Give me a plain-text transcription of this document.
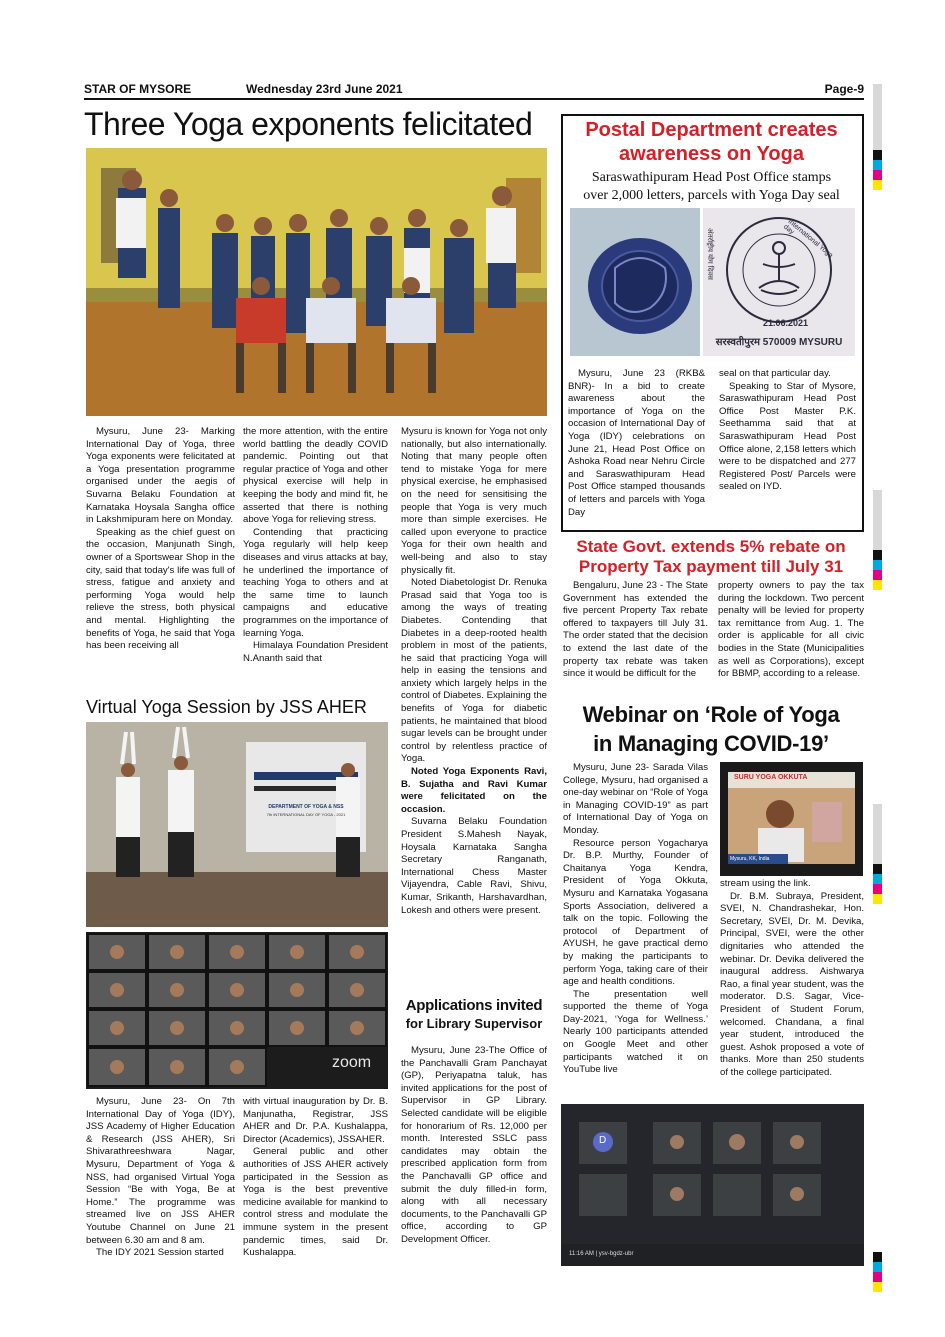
STAR OF MYSORE	Wednesday 23rd June 2021	Page-9
Three Yoga exponents felicitated

Mysuru, June 23- Marking International Day of Yoga, three Yoga exponents were felicitated at a Yoga presentation programme organised under the aegis of Suvarna Belaku Foundation at Karnataka Hoysala Sangha office in Lakshmipuram here on Monday.

Speaking as the chief guest on the occasion, Manjunath Singh, owner of a Sportswear Shop in the city, said that today's life was full of stress, fatigue and anxiety and performing Yoga would help relieve the stress, both physical and mental. Highlighting the benefits of Yoga, he said that Yoga has been receiving all

the more attention, with the entire world battling the deadly COVID pandemic. Pointing out that regular practice of Yoga and other physical exercise will help in keeping the body and mind fit, he asserted that there is nothing above Yoga for relieving stress.

Contending that practicing Yoga regularly will help keep diseases and virus attacks at bay, he underlined the importance of teaching Yoga to others and at the same time to launch campaigns and educative programmes on the importance of learning Yoga.

Himalaya Foundation President N.Ananth said that

Mysuru is known for Yoga not only nationally, but also internationally. Noting that many people often tend to mistake Yoga for mere physical exercise, he emphasised on the need for sensitising the people that Yoga is very much more than simple exercises. He called upon everyone to practice Yoga for their own health and well-being and also to stay physically fit.

Noted Diabetologist Dr. Renuka Prasad said that Yoga too is among the ways of treating Diabetes. Contending that Diabetes in a deep-rooted health problem in most of the patients, he said that practicing Yoga will help in easing the tensions and anxiety which largely helps in the control of Diabetes. Explaining the benefits of Yoga for diabetic patients, he maintained that blood sugar levels can be brought under control by relentless practice of Yoga.

Noted Yoga Exponents Ravi, B. Sujatha and Ravi Kumar were felicitated on the occasion.

Suvarna Belaku Foundation President S.Mahesh Nayak, Hoysala Karnataka Sangha Secretary Ranganath, International Chess Master Vijayendra, Cable Ravi, Shivu, Kumar, Srikanth, Harshavardhan, Lokesh and others were present.

Virtual Yoga Session by JSS AHER
DEPARTMENT OF YOGA & NSS
7th INTERNATIONAL DAY OF YOGA - 2021
zoom

Mysuru, June 23- On 7th International Day of Yoga (IDY), JSS Academy of Higher Education & Research (JSS AHER), Sri Shivarathreeshwara Nagar, Mysuru, Department of Yoga & NSS, had organised Virtual Yoga Session “Be with Yoga, Be at Home.” The programme was streamed live on JSS AHER Youtube Channel on June 21 between 6.30 am and 8 am.

The IDY 2021 Session started

with virtual inauguration by Dr. B. Manjunatha, Registrar, JSS AHER and Dr. P.A. Kushalappa, Director (Academics), JSSAHER.

General public and other authorities of JSS AHER actively participated in the Session as Yoga is the best preventive medicine available for mankind to control stress and modulate the immune system in the present pandemic times, said Dr. Kushalappa.

Applications invited
for Library Supervisor

Mysuru, June 23-The Office of the Panchavalli Gram Panchayat (GP), Periyapatna taluk, has invited applications for the post of Supervisor in GP Library. Selected candidate will be eligible for honorarium of Rs. 12,000 per month. Interested SSLC pass candidates may obtain the prescribed application form from the Panchavalli GP office and submit the duly filled-in form, along with all necessary documents, to the Panchavalli GP office, according to GP Development Officer.

Postal Department creates
awareness on Yoga
Saraswathipuram Head Post Office stamps
over 2,000 letters, parcels with Yoga Day seal
International Yoga day
अंतर्राष्ट्रीय योग दिवस
21.06.2021
सरस्वतीपुरम 570009 MYSURU

Mysuru, June 23 (RKB& BNR)- In a bid to create awareness about the importance of Yoga on the occasion of International Day of Yoga (IDY) celebrations on June 21, Head Post Office on Ashoka Road near Nehru Circle and Saraswathipuram Head Post Office stamped thousands of letters and parcels with Yoga Day

seal on that particular day.

Speaking to Star of Mysore, Saraswathipuram Head Post Office Post Master P.K. Seethamma said that at Saraswathipuram Head Post Office alone, 2,158 letters which were to be dispatched and 277 Registered Post/ Parcels were sealed on IYD.

State Govt. extends 5% rebate on
Property Tax payment till July 31

Bengaluru, June 23 - The State Government has extended the five percent Property Tax rebate offered to taxpayers till July 31. The order stated that the decision to extend the last date of the property tax rebate was taken since it would be difficult for the

property owners to pay the tax during the lockdown. Two percent penalty will be levied for property tax remittance from Aug. 1. The order is applicable for all civic bodies in the State (Municipalities as well as Corporations), except for BBMP, according to a release.

Webinar on ‘Role of Yoga
in Managing COVID-19’
SURU YOGA OKKUTA
Mysuru, KK, India

Mysuru, June 23- Sarada Vilas College, Mysuru, had organised a one-day webinar on “Role of Yoga in Managing COVID-19” as part of International Day of Yoga on Monday.

Resource person Yogacharya Dr. B.P. Murthy, Founder of Chaitanya Yoga Kendra, President of Yoga Okkuta, Mysuru and Karnataka Yogasana Sports Association, delivered a talk on the topic. Following the protocol of Department of AYUSH, he gave practical demo by making the participants to perform Yoga, taking care of their age and health conditions.

The presentation well supported the theme of Yoga Day-2021, ‘Yoga for Wellness.’ Nearly 100 participants attended on Google Meet and other participants watched it on YouTube live

stream using the link.

Dr. B.M. Subraya, President, SVEI, N. Chandrashekar, Hon. Secretary, SVEI, Dr. M. Devika, Principal, SVEI, were the other dignitaries who attended the webinar. Dr. Devika delivered the inaugural address. Aishwarya Rao, a final year student, was the moderator. D.S. Sagar, Vice-President of Student Forum, welcomed. Chandana, a final year student, introduced the guest. Ashok proposed a vote of thanks. More than 250 students of the college participated.

D
11:16 AM | ysv-bgdz-ubr
